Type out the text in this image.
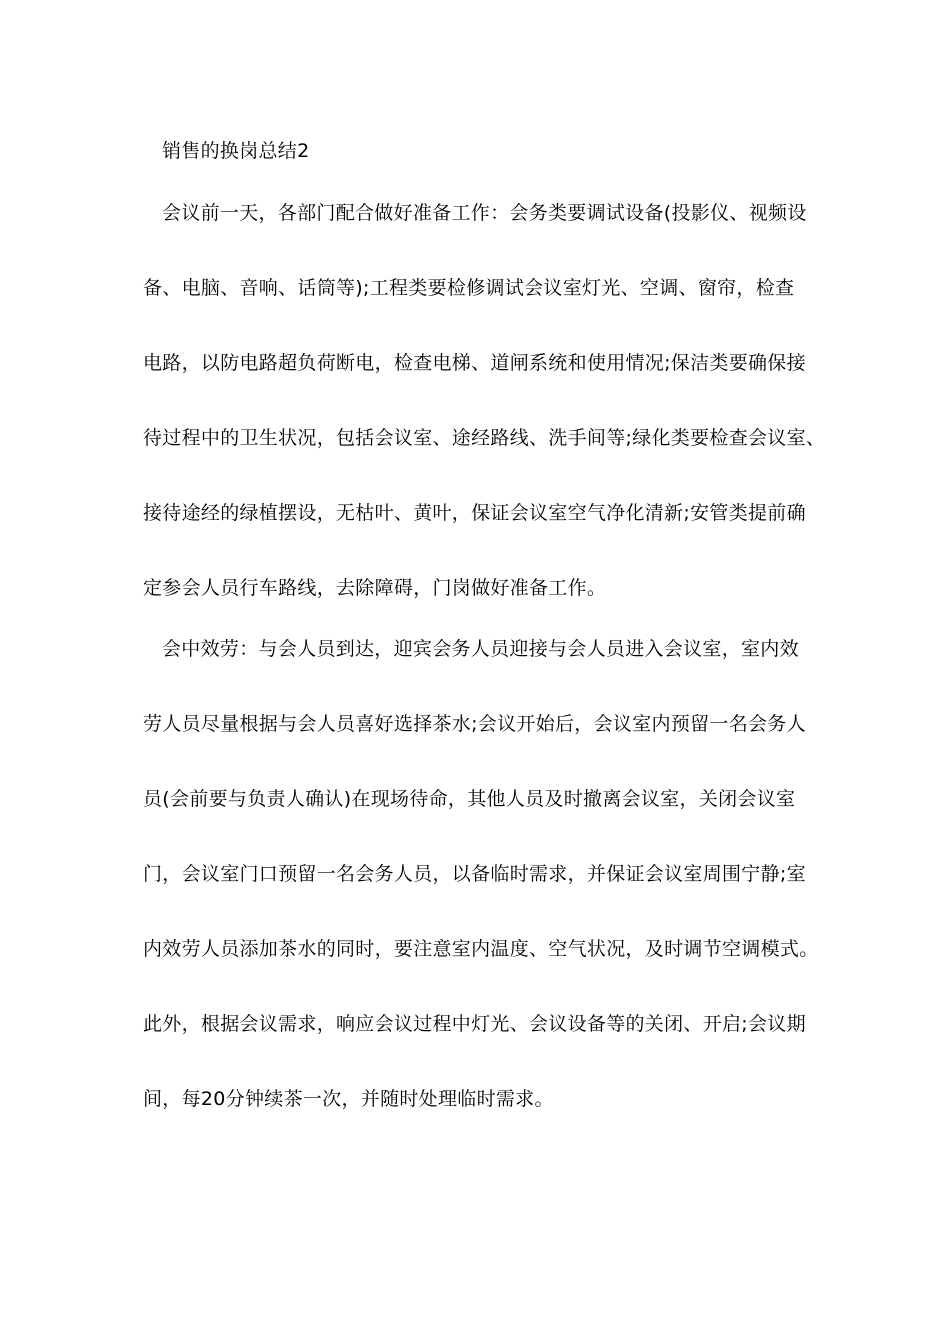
销售的换岗总结2
会议前一天，各部门配合做好准备工作：会务类要调试设备(投影仪、视频设
备、电脑、音响、话筒等);工程类要检修调试会议室灯光、空调、窗帘，检查
电路，以防电路超负荷断电，检查电梯、道闸系统和使用情况;保洁类要确保接
待过程中的卫生状况，包括会议室、途经路线、洗手间等;绿化类要检查会议室、
接待途经的绿植摆设，无枯叶、黄叶，保证会议室空气净化清新;安管类提前确
定参会人员行车路线，去除障碍，门岗做好准备工作。
会中效劳：与会人员到达，迎宾会务人员迎接与会人员进入会议室，室内效
劳人员尽量根据与会人员喜好选择茶水;会议开始后，会议室内预留一名会务人
员(会前要与负责人确认)在现场待命，其他人员及时撤离会议室，关闭会议室
门，会议室门口预留一名会务人员，以备临时需求，并保证会议室周围宁静;室
内效劳人员添加茶水的同时，要注意室内温度、空气状况，及时调节空调模式。
此外，根据会议需求，响应会议过程中灯光、会议设备等的关闭、开启;会议期
间，每20分钟续茶一次，并随时处理临时需求。
